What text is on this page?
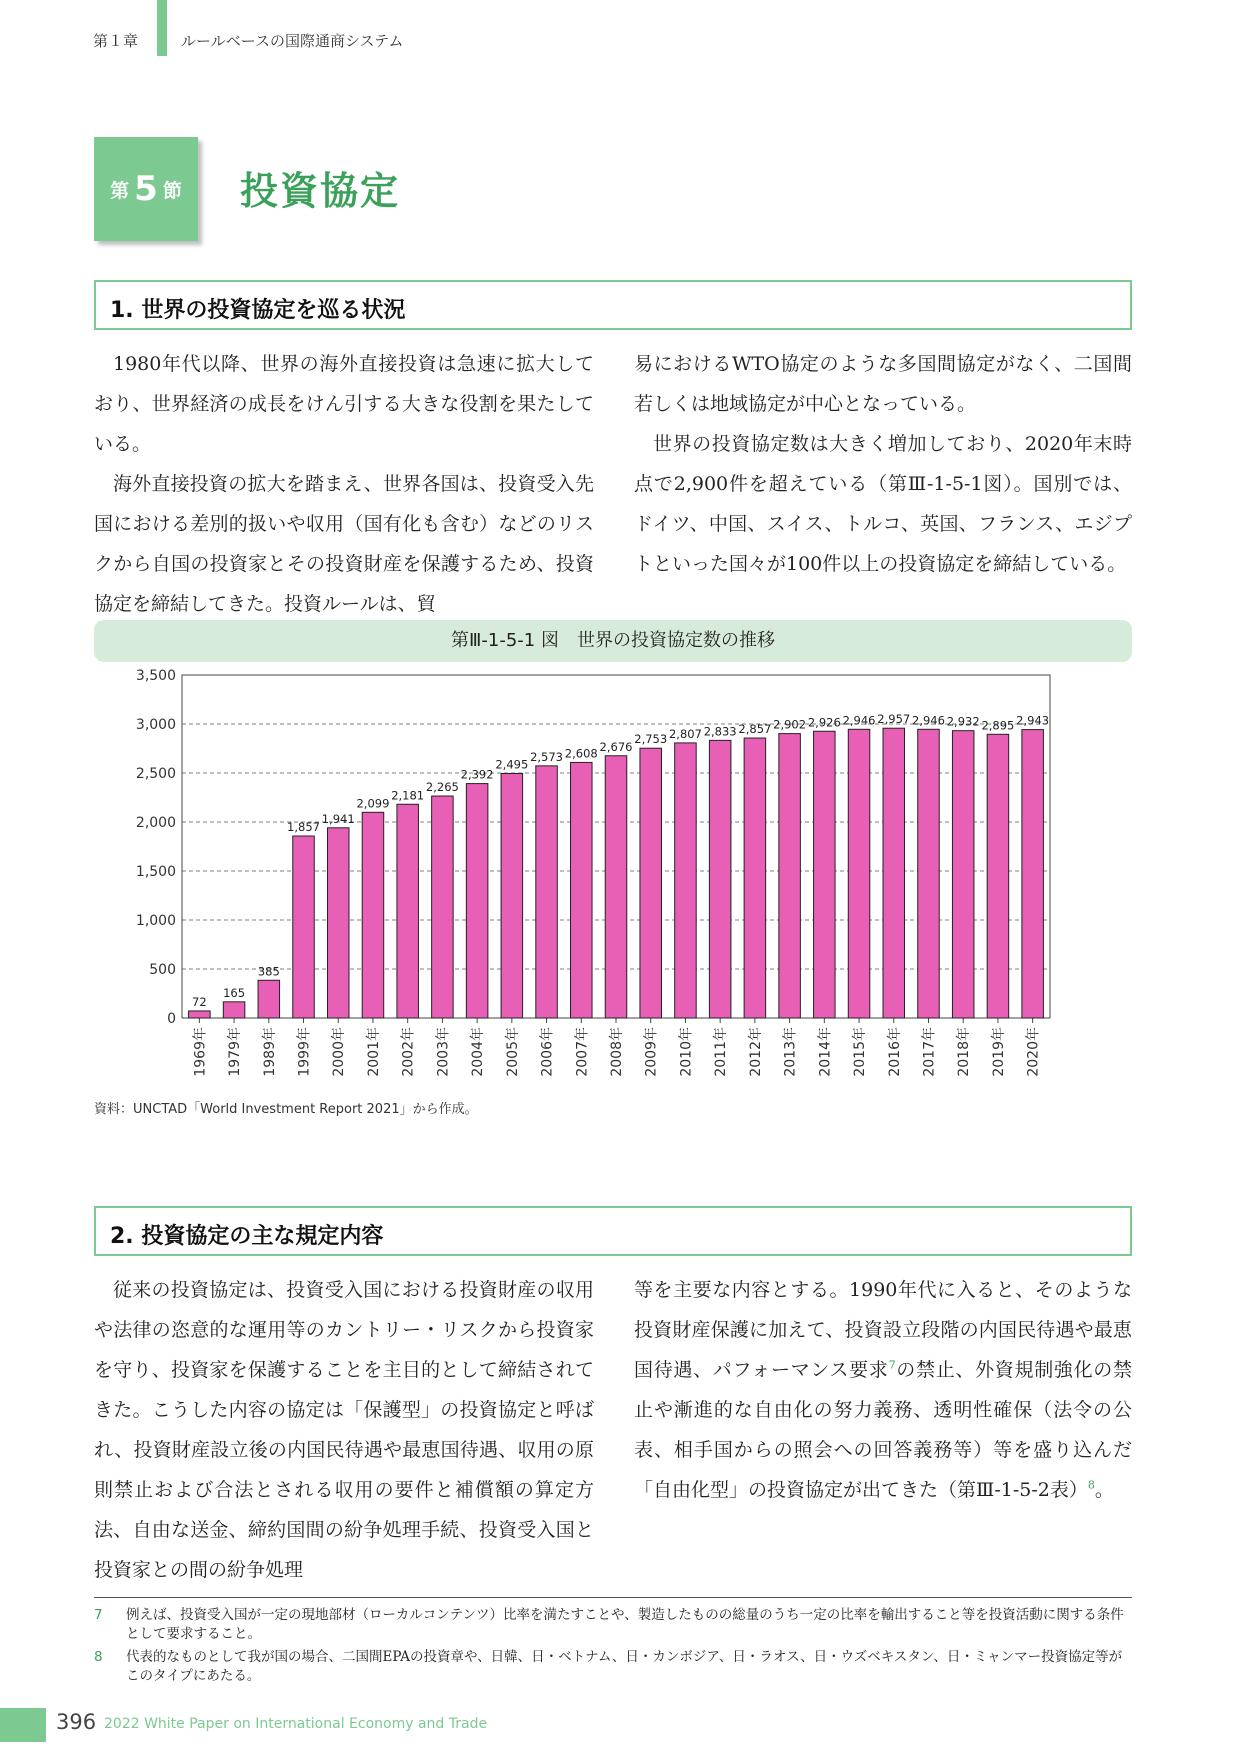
第１章	ルールベースの国際通商システム
第 5 節 投資協定
1. 世界の投資協定を巡る状況

1980年代以降、世界の海外直接投資は急速に拡大しており、世界経済の成長をけん引する大きな役割を果たしている。

海外直接投資の拡大を踏まえ、世界各国は、投資受入先国における差別的扱いや収用（国有化も含む）などのリスクから自国の投資家とその投資財産を保護するため、投資協定を締結してきた。投資ルールは、貿

易におけるWTO協定のような多国間協定がなく、二国間若しくは地域協定が中心となっている。

世界の投資協定数は大きく増加しており、2020年末時点で2,900件を超えている（第Ⅲ-1-5-1図）。国別では、ドイツ、中国、スイス、トルコ、英国、フランス、エジプトといった国々が100件以上の投資協定を締結している。

第Ⅲ-1-5-1 図　世界の投資協定数の推移
0
500
1,000
1,500
2,000
2,500
3,000
3,500
72
1969年
165
1979年
385
1989年
1,857
1999年
1,941
2000年
2,099
2001年
2,181
2002年
2,265
2003年
2,392
2004年
2,495
2005年
2,573
2006年
2,608
2007年
2,676
2008年
2,753
2009年
2,807
2010年
2,833
2011年
2,857
2012年
2,902
2013年
2,926
2014年
2,946
2015年
2,957
2016年
2,946
2017年
2,932
2018年
2,895
2019年
2,943
2020年
資料：UNCTAD「World Investment Report 2021」から作成。
2. 投資協定の主な規定内容

従来の投資協定は、投資受入国における投資財産の収用や法律の恣意的な運用等のカントリー・リスクから投資家を守り、投資家を保護することを主目的として締結されてきた。こうした内容の協定は「保護型」の投資協定と呼ばれ、投資財産設立後の内国民待遇や最恵国待遇、収用の原則禁止および合法とされる収用の要件と補償額の算定方法、自由な送金、締約国間の紛争処理手続、投資受入国と投資家との間の紛争処理

等を主要な内容とする。1990年代に入ると、そのような投資財産保護に加えて、投資設立段階の内国民待遇や最恵国待遇、パフォーマンス要求$^7$の禁止、外資規制強化の禁止や漸進的な自由化の努力義務、透明性確保（法令の公表、相手国からの照会への回答義務等）等を盛り込んだ「自由化型」の投資協定が出てきた（第Ⅲ-1-5-2表）$^8$。

7 例えば、投資受入国が一定の現地部材（ローカルコンテンツ）比率を満たすことや、製造したものの総量のうち一定の比率を輸出すること等を投資活動に関する条件として要求すること。
8 代表的なものとして我が国の場合、二国間EPAの投資章や、日韓、日・ベトナム、日・カンボジア、日・ラオス、日・ウズベキスタン、日・ミャンマー投資協定等がこのタイプにあたる。
396 2022 White Paper on International Economy and Trade
